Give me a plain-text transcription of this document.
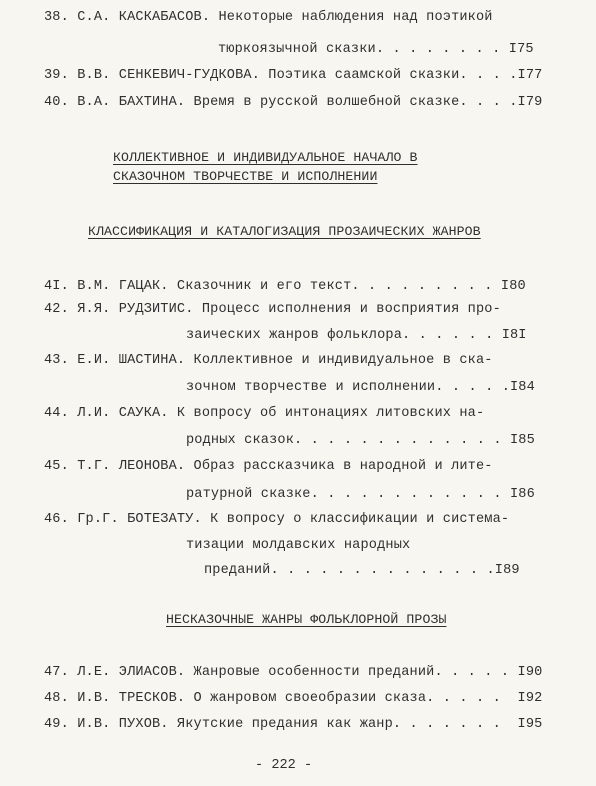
38. С.А. КАСКАБАСОВ. Некоторые наблюдения над поэтикой
тюркоязычной сказки. . . . . . . . I75
39. В.В. СЕНКЕВИЧ-ГУДКОВА. Поэтика саамской сказки. . . .I77
40. В.А. БАХТИНА. Время в русской волшебной сказке. . . .I79
КОЛЛЕКТИВНОЕ И ИНДИВИДУАЛЬНОЕ НАЧАЛО В
СКАЗОЧНОМ ТВОРЧЕСТВЕ И ИСПОЛНЕНИИ
КЛАССИФИКАЦИЯ И КАТАЛОГИЗАЦИЯ ПРОЗАИЧЕСКИХ ЖАНРОВ
4I. В.М. ГАЦАК. Сказочник и его текст. . . . . . . . . I80
42. Я.Я. РУДЗИТИС. Процесс исполнения и восприятия про-
заических жанров фольклора. . . . . . I8I
43. Е.И. ШАСТИНА. Коллективное и индивидуальное в ска-
зочном творчестве и исполнении. . . . .I84
44. Л.И. САУКА. К вопросу об интонациях литовских на-
родных сказок. . . . . . . . . . . . . I85
45. Т.Г. ЛЕОНОВА. Образ рассказчика в народной и лите-
ратурной сказке. . . . . . . . . . . . I86
46. Гр.Г. БОТЕЗАТУ. К вопросу о классификации и система-
тизации молдавских народных
преданий. . . . . . . . . . . . . .I89
НЕСКАЗОЧНЫЕ ЖАНРЫ ФОЛЬКЛОРНОЙ ПРОЗЫ
47. Л.Е. ЭЛИАСОВ. Жанровые особенности преданий. . . . . I90
48. И.В. ТРЕСКОВ. О жанровом своеобразии сказа. . . . .  I92
49. И.В. ПУХОВ. Якутские предания как жанр. . . . . . .  I95
- 222 -
